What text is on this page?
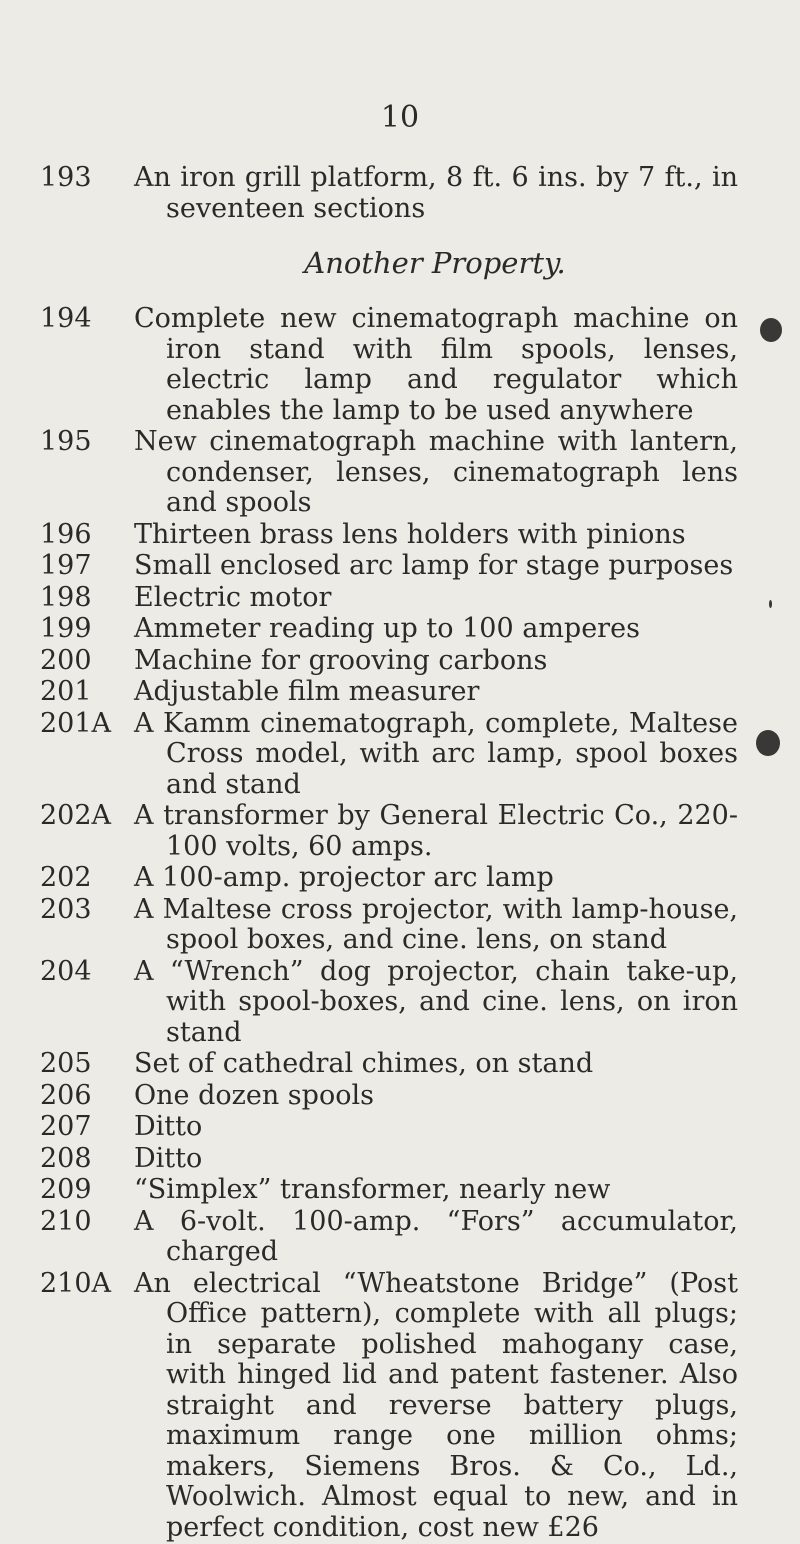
10
193 An iron grill platform, 8 ft. 6 ins. by 7 ft., in seventeen sections
Another Property.
194 Complete new cinematograph machine on iron stand with film spools, lenses, electric lamp and regulator which enables the lamp to be used anywhere
195 New cinematograph machine with lantern, condenser, lenses, cinematograph lens and spools
196 Thirteen brass lens holders with pinions
197 Small enclosed arc lamp for stage purposes
198 Electric motor
199 Ammeter reading up to 100 amperes
200 Machine for grooving carbons
201 Adjustable film measurer
201A A Kamm cinematograph, complete, Maltese Cross model, with arc lamp, spool boxes and stand
202A A transformer by General Electric Co., 220-100 volts, 60 amps.
202 A 100-amp. projector arc lamp
203 A Maltese cross projector, with lamp-house, spool boxes, and cine. lens, on stand
204 A “Wrench” dog projector, chain take-up, with spool-boxes, and cine. lens, on iron stand
205 Set of cathedral chimes, on stand
206 One dozen spools
207 Ditto
208 Ditto
209 “Simplex” transformer, nearly new
210 A 6-volt. 100-amp. “Fors” accumulator, charged
210A An electrical “Wheatstone Bridge” (Post Office pattern), complete with all plugs; in separate polished mahogany case, with hinged lid and patent fastener. Also straight and reverse battery plugs, maximum range one million ohms; makers, Siemens Bros. & Co., Ld., Woolwich. Almost equal to new, and in perfect condition, cost new £26
